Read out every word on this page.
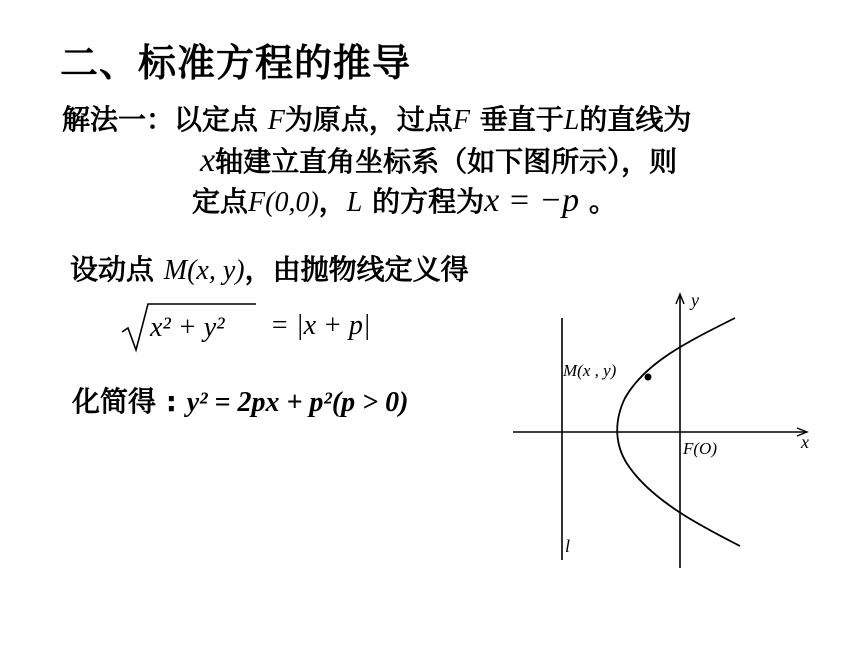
二、标准方程的推导
解法一：以定点 F为原点，过点F 垂直于L的直线为
x轴建立直角坐标系（如下图所示），则
定点F(0,0)，L 的方程为x = −p 。
设动点 M(x, y)，由抛物线定义得
x² + y² = |x + p|
化简得 : y² = 2px + p²(p > 0)
y
x
M(x , y)
F(O)
l
